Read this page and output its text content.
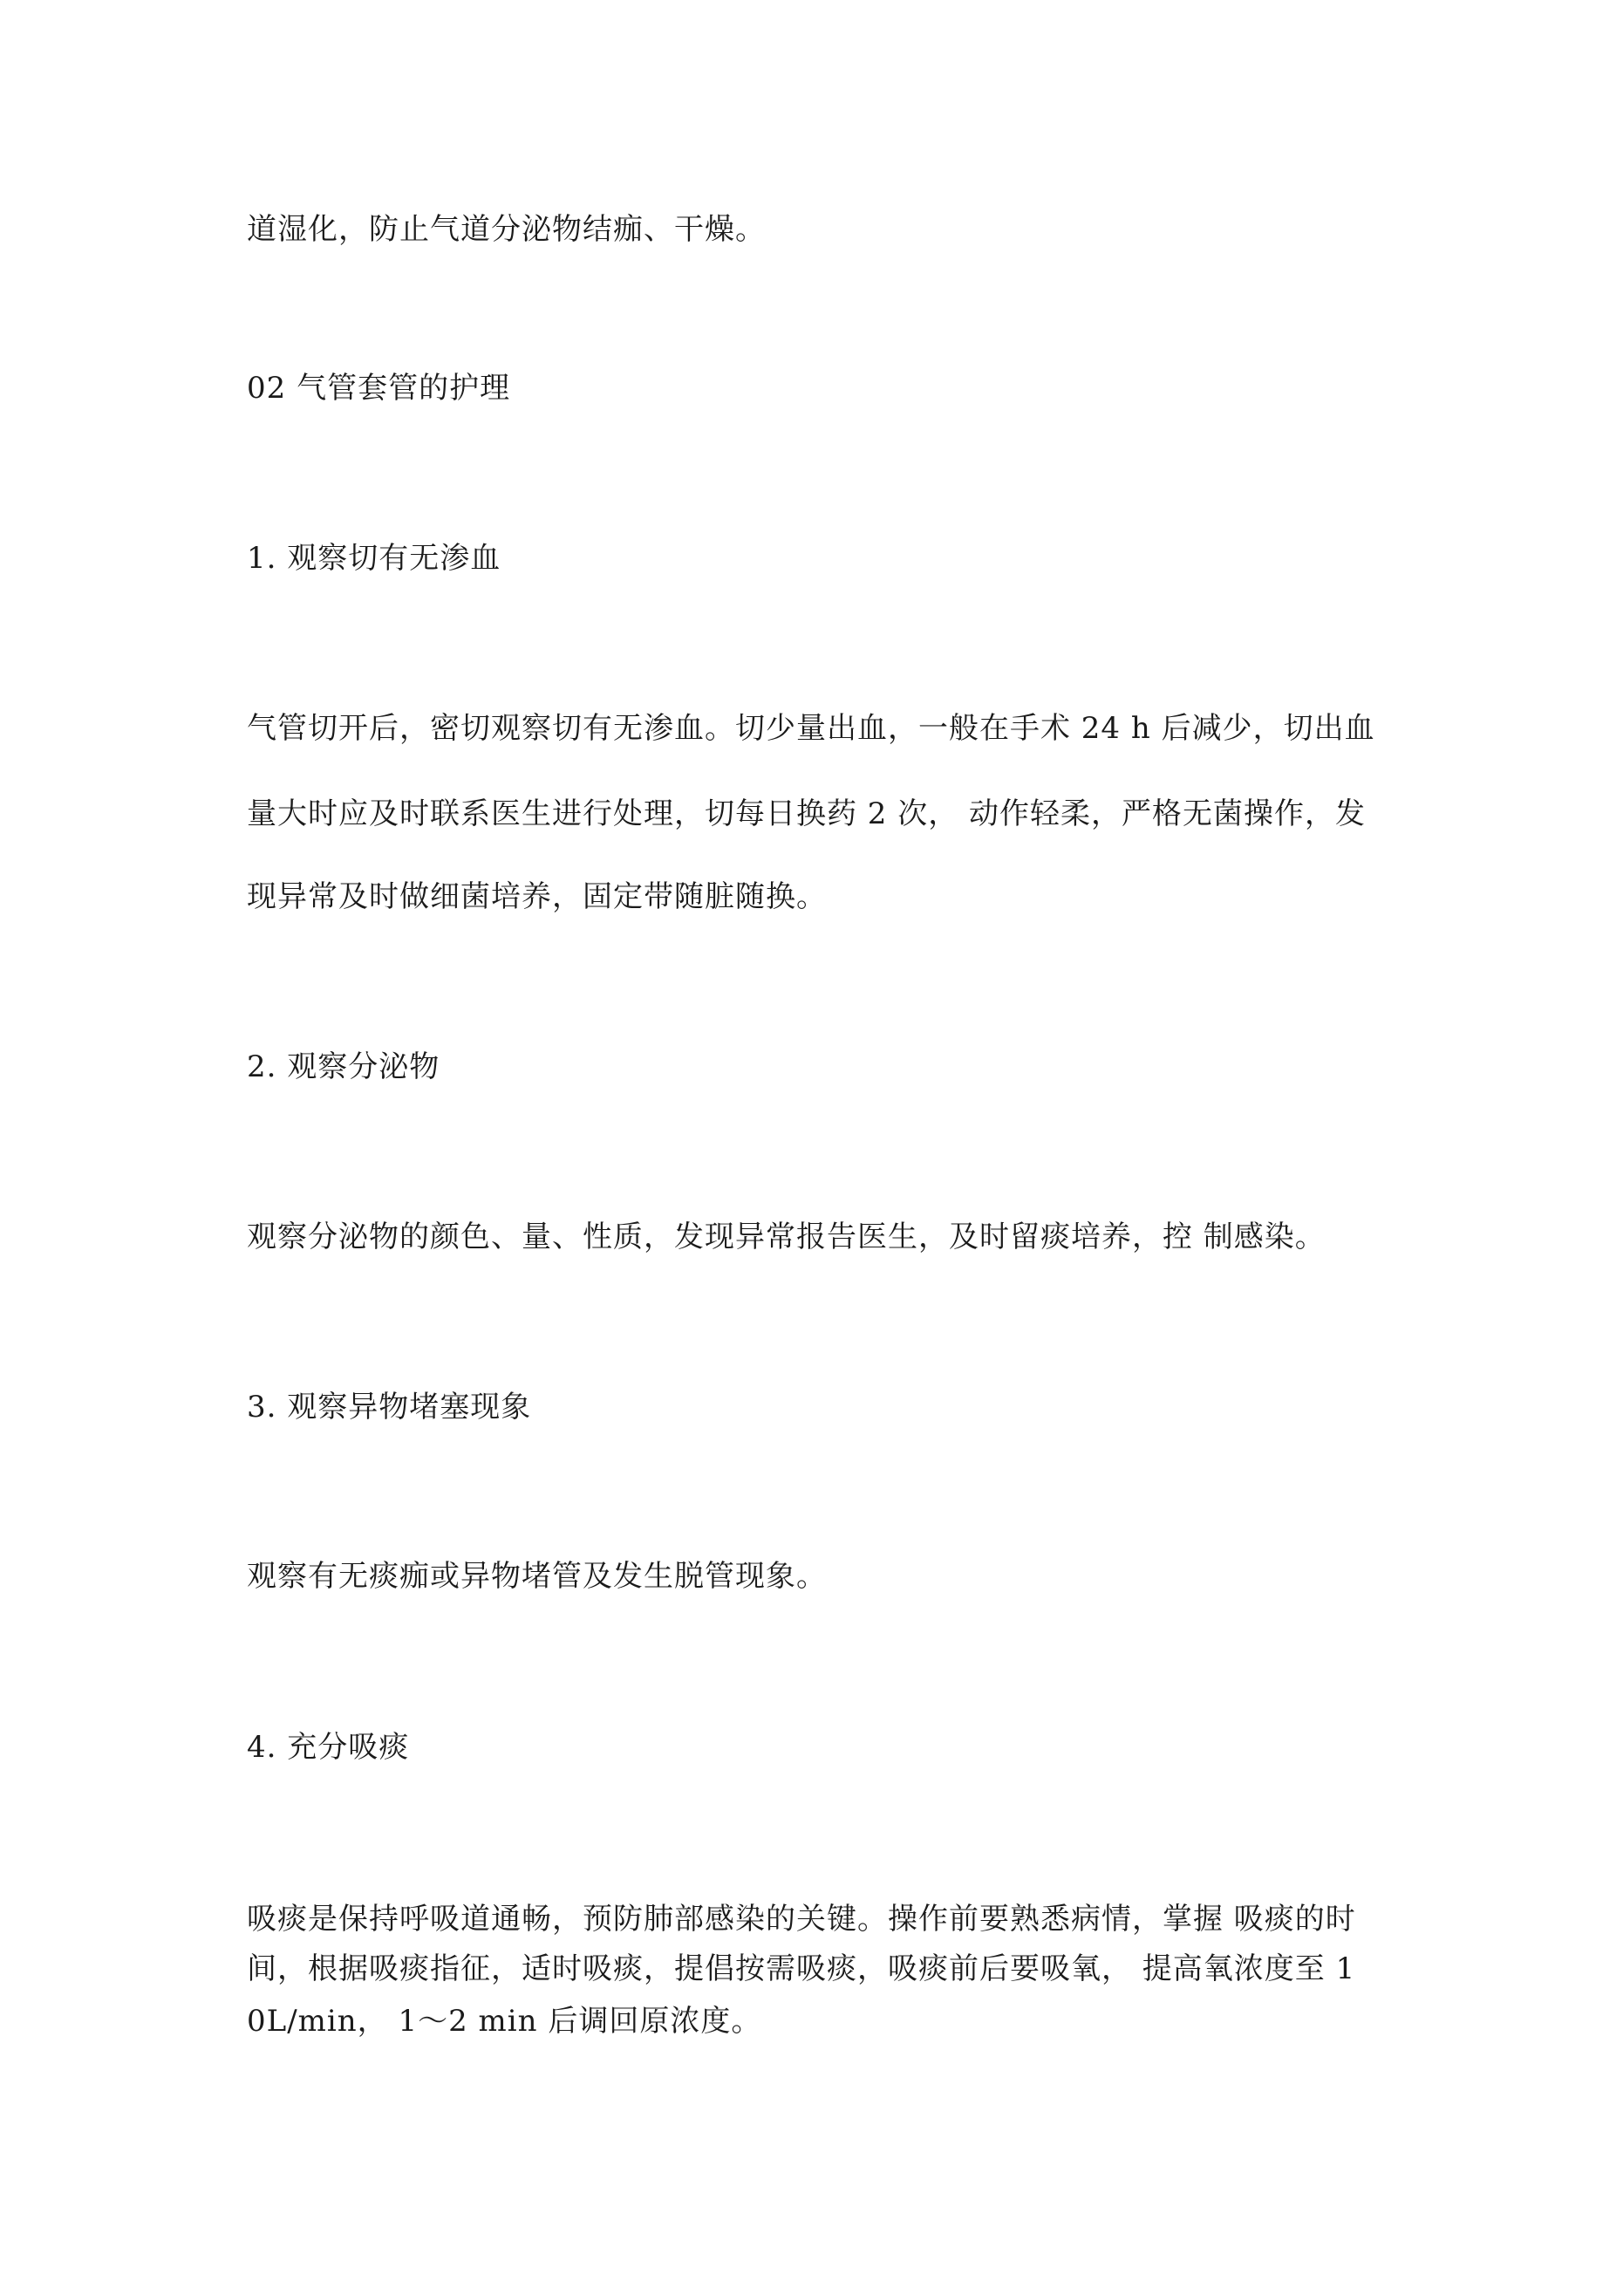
道湿化，防止气道分泌物结痂、干燥。
02 气管套管的护理
1. 观察切有无渗血
气管切开后，密切观察切有无渗血。切少量出血，一般在手术 24 h 后减少，切出血
量大时应及时联系医生进行处理，切每日换药 2 次， 动作轻柔，严格无菌操作，发
现异常及时做细菌培养，固定带随脏随换。
2. 观察分泌物
观察分泌物的颜色、量、性质，发现异常报告医生，及时留痰培养，控 制感染。
3. 观察异物堵塞现象
观察有无痰痂或异物堵管及发生脱管现象。
4. 充分吸痰
吸痰是保持呼吸道通畅，预防肺部感染的关键。操作前要熟悉病情，掌握 吸痰的时
间，根据吸痰指征，适时吸痰，提倡按需吸痰，吸痰前后要吸氧， 提高氧浓度至 1
0L/min， 1～2 min 后调回原浓度。
